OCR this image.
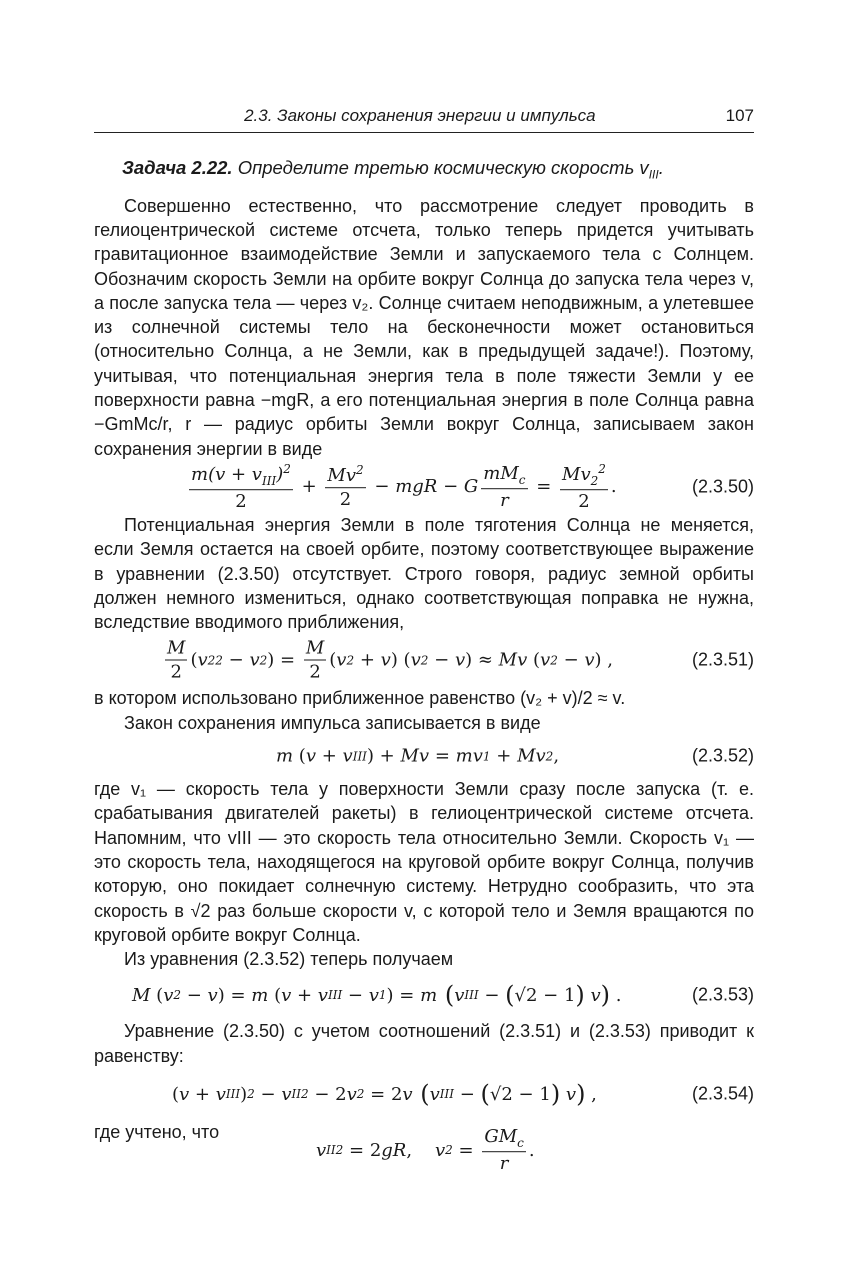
2.3. Законы сохранения энергии и импульса	107
Задача 2.22. Определите третью космическую скорость $v_{III}$.

Совершенно естественно, что рассмотрение следует проводить в гелиоцентрической системе отсчета, только теперь придется учитывать гравитационное взаимодействие Земли и запускаемого тела с Солнцем. Обозначим скорость Земли на орбите вокруг Солнца до запуска тела через v, а после запуска тела — через v₂. Солнце считаем неподвижным, а улетевшее из солнечной системы тело на бесконечности может остановиться (относительно Солнца, а не Земли, как в предыдущей задаче!). Поэтому, учитывая, что потенциальная энергия тела в поле тяжести Земли у ее поверхности равна −mgR, а его потенциальная энергия в поле Солнца равна −GmMc/r, r — радиус орбиты Земли вокруг Солнца, записываем закон сохранения энергии в виде

$\frac{m(v + v_{III})^2}{2} + \frac{Mv^2}{2}$ − mgR − G $\frac{mM_c}{r} = \frac{Mv_2^2}{2}$ .	(2.3.50)

Потенциальная энергия Земли в поле тяготения Солнца не меняется, если Земля остается на своей орбите, поэтому соответствующее выражение в уравнении (2.3.50) отсутствует. Строго говоря, радиус земной орбиты должен немного измениться, однако соответствующая поправка не нужна, вследствие вводимого приближения,

$\frac{M}{2}$ ( v 2 2 − v 2 ) = $\frac{M}{2}$ ( v 2 + v ) ( v 2 − v ) ≈ Mv ( v 2 − v ) ,	(2.3.51)

в котором использовано приближенное равенство (v₂ + v)/2 ≈ v.

Закон сохранения импульса записывается в виде

m ( v + v III ) + Mv = mv 1 + Mv 2 ,	(2.3.52)

где v₁ — скорость тела у поверхности Земли сразу после запуска (т. е. срабатывания двигателей ракеты) в гелиоцентрической системе отсчета. Напомним, что vIII — это скорость тела относительно Земли. Скорость v₁ — это скорость тела, находящегося на круговой орбите вокруг Солнца, получив которую, оно покидает солнечную систему. Нетрудно сообразить, что эта скорость в √2 раз больше скорости v, с которой тело и Земля вращаются по круговой орбите вокруг Солнца.

Из уравнения (2.3.52) теперь получаем

M ( v 2 − v ) = m ( v + v III − v 1 ) = m ( v III − ( √2 − 1 ) v ) .	(2.3.53)

Уравнение (2.3.50) с учетом соотношений (2.3.51) и (2.3.53) приводит к равенству:

( v + v III ) 2 − v II 2 − 2 v 2 = 2 v ( v III − ( √2 − 1 ) v ) ,	(2.3.54)

где учтено, что

v II 2 = 2 gR , v $2 = \frac{GM_c}{r}$ .
